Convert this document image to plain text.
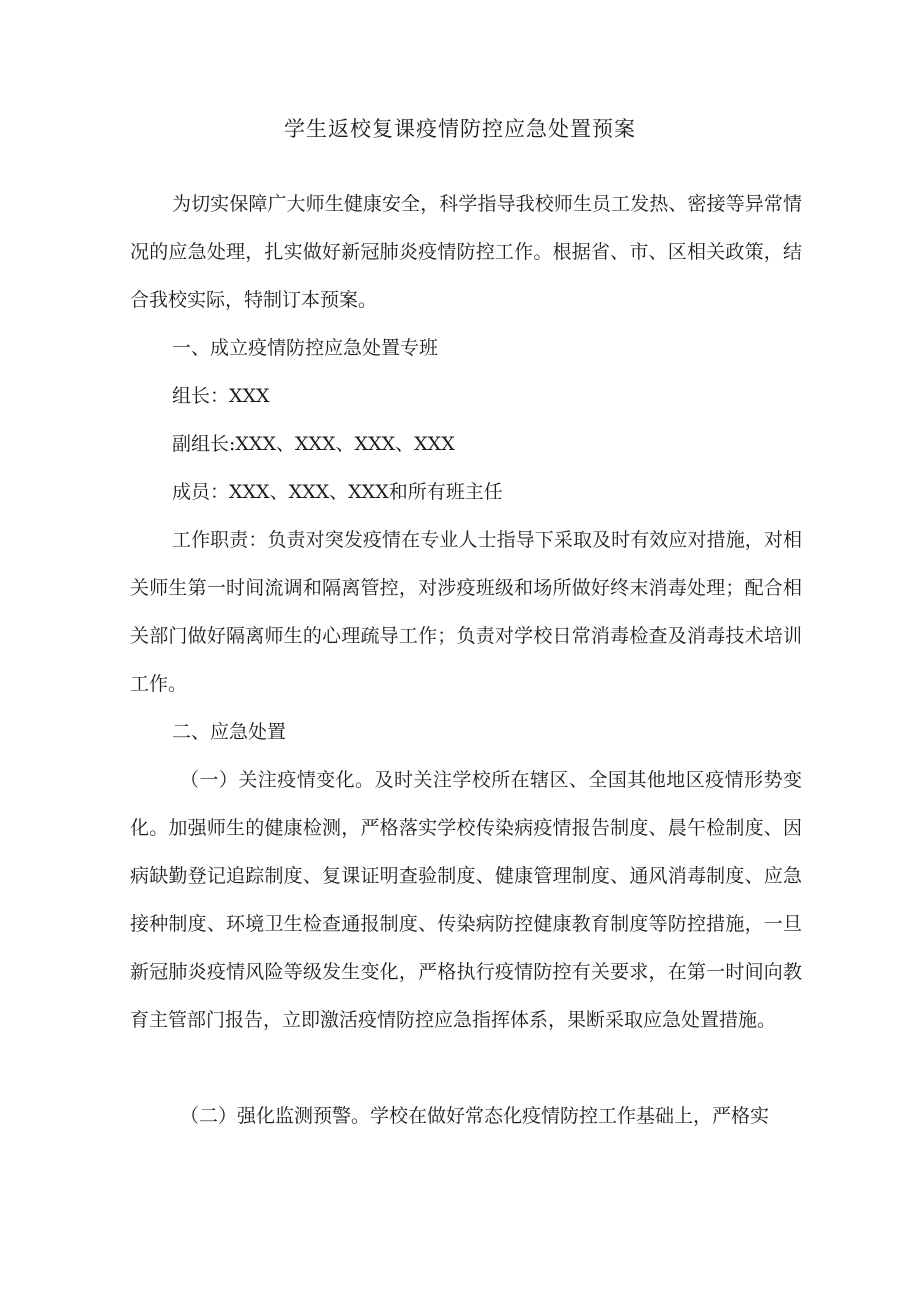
学生返校复课疫情防控应急处置预案

为切实保障广大师生健康安全，科学指导我校师生员工发热、密接等异常情况的应急处理，扎实做好新冠肺炎疫情防控工作。根据省、市、区相关政策，结合我校实际，特制订本预案。

一、成立疫情防控应急处置专班

组长：XXX

副组长:XXX、XXX、XXX、XXX

成员：XXX、XXX、XXX和所有班主任

工作职责：负责对突发疫情在专业人士指导下采取及时有效应对措施，对相关师生第一时间流调和隔离管控，对涉疫班级和场所做好终末消毒处理；配合相关部门做好隔离师生的心理疏导工作；负责对学校日常消毒检查及消毒技术培训工作。

二、应急处置

（一）关注疫情变化。及时关注学校所在辖区、全国其他地区疫情形势变化。加强师生的健康检测，严格落实学校传染病疫情报告制度、晨午检制度、因病缺勤登记追踪制度、复课证明查验制度、健康管理制度、通风消毒制度、应急接种制度、环境卫生检查通报制度、传染病防控健康教育制度等防控措施，一旦新冠肺炎疫情风险等级发生变化，严格执行疫情防控有关要求，在第一时间向教育主管部门报告，立即激活疫情防控应急指挥体系，果断采取应急处置措施。

（二）强化监测预警。学校在做好常态化疫情防控工作基础上，严格实
